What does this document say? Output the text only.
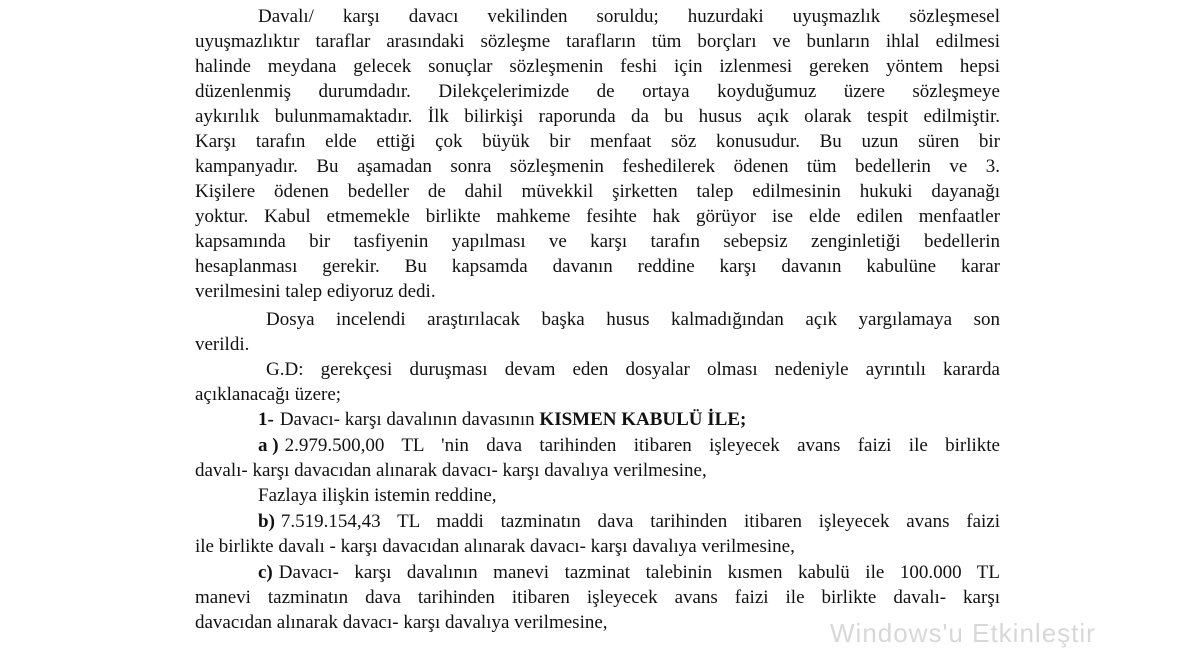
Davalı/ karşı davacı vekilinden soruldu; huzurdaki uyuşmazlık sözleşmesel
uyuşmazlıktır taraflar arasındaki sözleşme tarafların tüm borçları ve bunların ihlal edilmesi
halinde meydana gelecek sonuçlar sözleşmenin feshi için izlenmesi gereken yöntem hepsi
düzenlenmiş durumdadır. Dilekçelerimizde de ortaya koyduğumuz üzere sözleşmeye
aykırılık bulunmamaktadır. İlk bilirkişi raporunda da bu husus açık olarak tespit edilmiştir.
Karşı tarafın elde ettiği çok büyük bir menfaat söz konusudur. Bu uzun süren bir
kampanyadır. Bu aşamadan sonra sözleşmenin feshedilerek ödenen tüm bedellerin ve 3.
Kişilere ödenen bedeller de dahil müvekkil şirketten talep edilmesinin hukuki dayanağı
yoktur. Kabul etmemekle birlikte mahkeme fesihte hak görüyor ise elde edilen menfaatler
kapsamında bir tasfiyenin yapılması ve karşı tarafın sebepsiz zenginletiği bedellerin
hesaplanması gerekir. Bu kapsamda davanın reddine karşı davanın kabulüne karar
verilmesini talep ediyoruz dedi.
Dosya incelendi araştırılacak başka husus kalmadığından açık yargılamaya son
verildi.
G.D: gerekçesi duruşması devam eden dosyalar olması nedeniyle ayrıntılı kararda
açıklanacağı üzere;
1- Davacı- karşı davalının davasının KISMEN KABULÜ İLE;
a ) 2.979.500,00 TL 'nin dava tarihinden itibaren işleyecek avans faizi ile birlikte
davalı- karşı davacıdan alınarak davacı- karşı davalıya verilmesine,
Fazlaya ilişkin istemin reddine,
b) 7.519.154,43 TL maddi tazminatın dava tarihinden itibaren işleyecek avans faizi
ile birlikte davalı - karşı davacıdan alınarak davacı- karşı davalıya verilmesine,
c) Davacı- karşı davalının manevi tazminat talebinin kısmen kabulü ile 100.000 TL
manevi tazminatın dava tarihinden itibaren işleyecek avans faizi ile birlikte davalı- karşı
davacıdan alınarak davacı- karşı davalıya verilmesine,	Windows'u Etkinleştir
